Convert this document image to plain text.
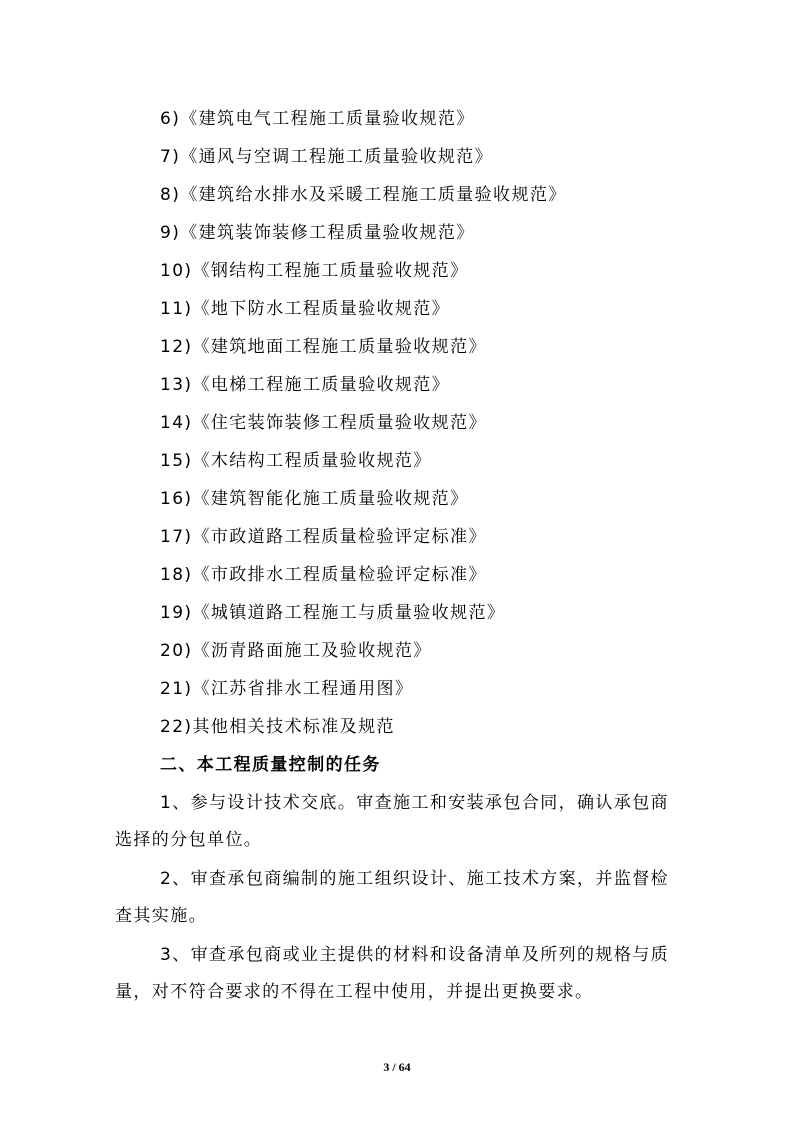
6)《建筑电气工程施工质量验收规范》
7)《通风与空调工程施工质量验收规范》
8)《建筑给水排水及采暖工程施工质量验收规范》
9)《建筑装饰装修工程质量验收规范》
10)《钢结构工程施工质量验收规范》
11)《地下防水工程质量验收规范》
12)《建筑地面工程施工质量验收规范》
13)《电梯工程施工质量验收规范》
14)《住宅装饰装修工程质量验收规范》
15)《木结构工程质量验收规范》
16)《建筑智能化施工质量验收规范》
17)《市政道路工程质量检验评定标准》
18)《市政排水工程质量检验评定标准》
19)《城镇道路工程施工与质量验收规范》
20)《沥青路面施工及验收规范》
21)《江苏省排水工程通用图》
22)其他相关技术标准及规范
二、本工程质量控制的任务
1、参与设计技术交底。审查施工和安装承包合同，确认承包商选择的分包单位。
2、审查承包商编制的施工组织设计、施工技术方案，并监督检查其实施。
3、审查承包商或业主提供的材料和设备清单及所列的规格与质量，对不符合要求的不得在工程中使用，并提出更换要求。
3 / 64
